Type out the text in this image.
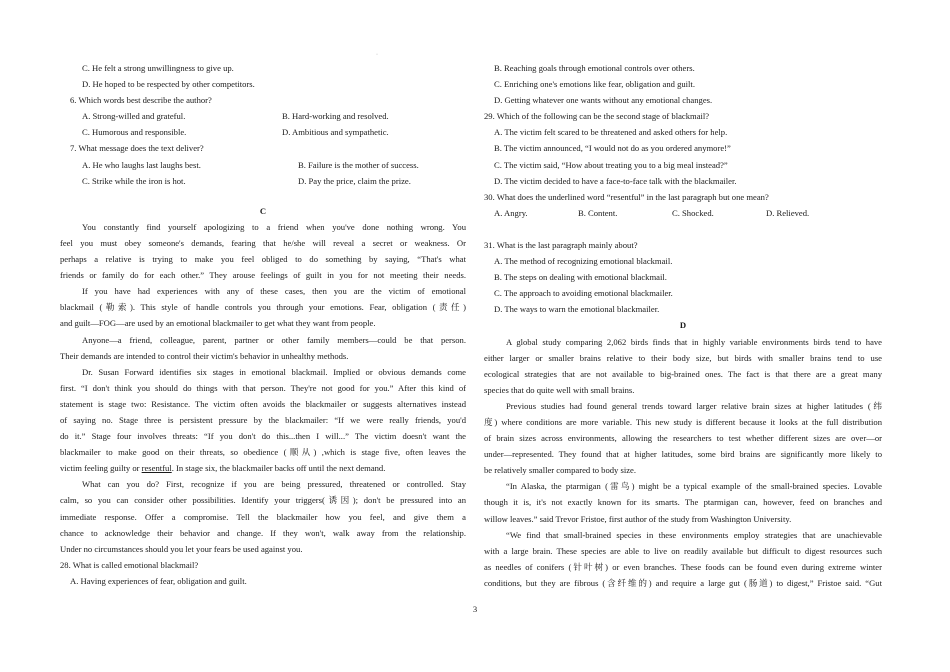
·
C. He felt a strong unwillingness to give up.
D. He hoped to be respected by other competitors.
6. Which words best describe the author?
A. Strong-willed and grateful.	B. Hard-working and resolved.
C. Humorous and responsible.	D. Ambitious and sympathetic.
7. What message does the text deliver?
A. He who laughs last laughs best.	B. Failure is the mother of success.
C. Strike while the iron is hot.	D. Pay the price, claim the prize.
C
You constantly find yourself apologizing to a friend when you've done nothing wrong. You
feel you must obey someone's demands, fearing that he/she will reveal a secret or weakness. Or
perhaps a relative is trying to make you feel obliged to do something by saying, “That's what
friends or family do for each other.” They arouse feelings of guilt in you for not meeting their needs.
If you have had experiences with any of these cases, then you are the victim of emotional
blackmail (勒索). This style of handle controls you through your emotions. Fear, obligation (责任)
and guilt—FOG—are used by an emotional blackmailer to get what they want from people.
Anyone—a friend, colleague, parent, partner or other family members—could be that person.
Their demands are intended to control their victim's behavior in unhealthy methods.
Dr. Susan Forward identifies six stages in emotional blackmail. Implied or obvious demands come
first. “I don't think you should do things with that person. They're not good for you.” After this kind of
statement is stage two: Resistance. The victim often avoids the blackmailer or suggests alternatives instead
of saying no. Stage three is persistent pressure by the blackmailer: “If we were really friends, you'd
do it.” Stage four involves threats: “If you don't do this...then I will...” The victim doesn't want the
blackmailer to make good on their threats, so obedience (顺从) ,which is stage five, often leaves the
victim feeling guilty or resentful. In stage six, the blackmailer backs off until the next demand.
What can you do? First, recognize if you are being pressured, threatened or controlled. Stay
calm, so you can consider other possibilities. Identify your triggers(诱因); don't be pressured into an
immediate response. Offer a compromise. Tell the blackmailer how you feel, and give them a
chance to acknowledge their behavior and change. If they won't, walk away from the relationship.
Under no circumstances should you let your fears be used against you.
28. What is called emotional blackmail?
A. Having experiences of fear, obligation and guilt.
B. Reaching goals through emotional controls over others.
C. Enriching one's emotions like fear, obligation and guilt.
D. Getting whatever one wants without any emotional changes.
29. Which of the following can be the second stage of blackmail?
A. The victim felt scared to be threatened and asked others for help.
B. The victim announced, “I would not do as you ordered anymore!”
C. The victim said, “How about treating you to a big meal instead?”
D. The victim decided to have a face-to-face talk with the blackmailer.
30. What does the underlined word “resentful” in the last paragraph but one mean?
A. Angry.	B. Content.	C. Shocked.	D. Relieved.
31. What is the last paragraph mainly about?
A. The method of recognizing emotional blackmail.
B. The steps on dealing with emotional blackmail.
C. The approach to avoiding emotional blackmailer.
D. The ways to warn the emotional blackmailer.
D
A global study comparing 2,062 birds finds that in highly variable environments birds tend to have
either larger or smaller brains relative to their body size, but birds with smaller brains tend to use
ecological strategies that are not available to big-brained ones. The fact is that there are a great many
species that do quite well with small brains.
Previous studies had found general trends toward larger relative brain sizes at higher latitudes (纬
度) where conditions are more variable. This new study is different because it looks at the full distribution
of brain sizes across environments, allowing the researchers to test whether different sizes are over—or
under—represented. They found that at higher latitudes, some bird brains are significantly more likely to
be relatively smaller compared to body size.
“In Alaska, the ptarmigan (雷鸟) might be a typical example of the small-brained species. Lovable
though it is, it's not exactly known for its smarts. The ptarmigan can, however, feed on branches and
willow leaves.” said Trevor Fristoe, first author of the study from Washington University.
“We find that small-brained species in these environments employ strategies that are unachievable
with a large brain. These species are able to live on readily available but difficult to digest resources such
as needles of conifers (针叶树) or even branches. These foods can be found even during extreme winter
conditions, but they are fibrous (含纤维的) and require a large gut (肠道) to digest,” Fristoe said. “Gut
3
